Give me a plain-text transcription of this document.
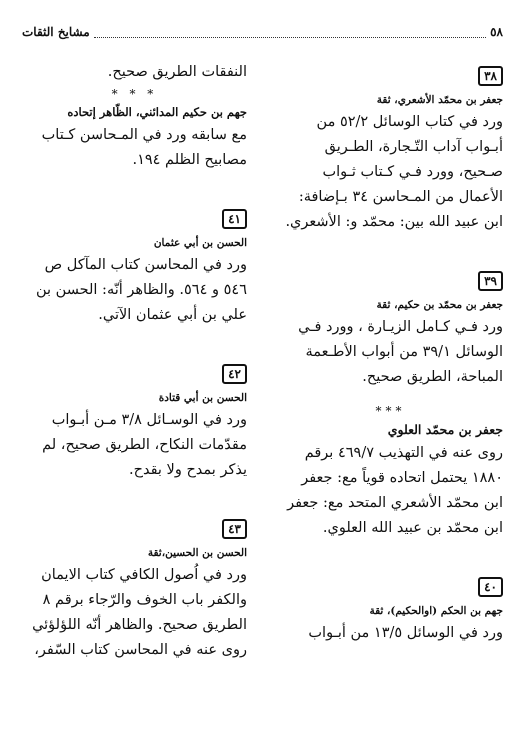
٥٨
مشايخ الثقات
٣٨
جعفر بن محمّد الأشعري، ثقة
ورد في كتاب الوسائل ٥٢/٢ من
أبـواب آداب التّـجارة، الطـريق
صـحيح، وورد فـي كـتاب ثـواب
الأعمال من المـحاسن ٣٤ بـإضافة:
ابن عبيد الله بين: محمّد و: الأشعري.
٣٩
جعفر بن محمّد بن حكيم، ثقة
ورد فـي كـامل الزيـارة ، وورد فـي
الوسائل ٣٩/١ من أبواب الأطـعمة
المباحة، الطريق صحيح.
***
جعفر بن محمّد العلوي
روى عنه في التهذيب ٤٦٩/٧ برقم
١٨٨٠ يحتمل اتحاده قوياً مع: جعفر
ابن محمّد الأشعري المتحد مع: جعفر
ابن محمّد بن عبيد الله العلوي.
٤٠
جهم بن الحكم (اوالحكيم)، ثقة
ورد في الوسائل ١٣/٥ من أبـواب
النفقات الطريق صحيح.
* * *
جهم بن حكيم المدائني، الظّاهر إتحاده
مع سابقه ورد في المـحاسن كـتاب
مصابيح الظلم ١٩٤.
٤١
الحسن بن أبي عثمان
ورد في المحاسن كتاب المآكل ص
٥٤٦ و ٥٦٤. والظاهر أنّه: الحسن بن
علي بن أبي عثمان الآتي.
٤٢
الحسن بن أبي قتادة
ورد في الوسـائل ٣/٨ مـن أبـواب
مقدّمات النكاح، الطريق صحيح، لم
يذكر بمدح ولا بقدح.
٤٣
الحسن بن الحسين،ثقة
ورد في اُصول الكافي كتاب الايمان
والكفر باب الخوف والرّجاء برقم ٨
الطريق صحيح. والظاهر أنّه اللؤلؤئي
روى عنه في المحاسن كتاب السّفر،
